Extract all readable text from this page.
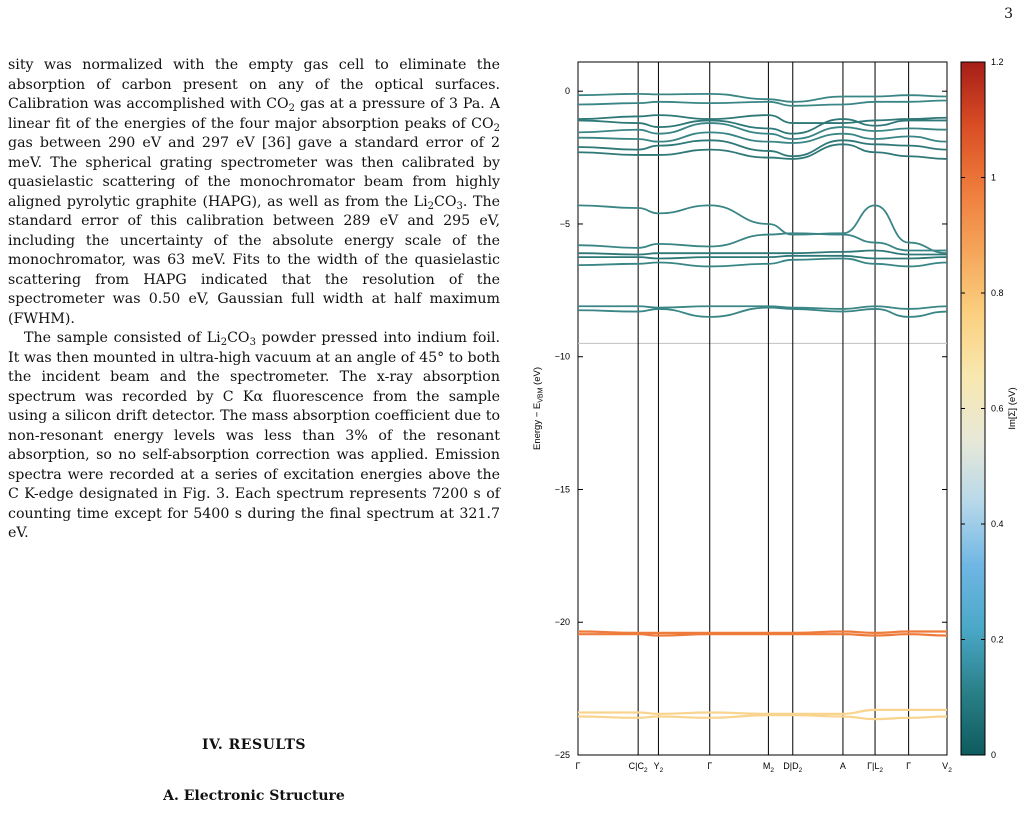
3

sity was normalized with the empty gas cell to eliminate the absorption of carbon present on any of the optical surfaces. Calibration was accomplished with $CO_2$ gas at a pressure of 3 Pa. A linear fit of the energies of the four major absorption peaks of $CO_2$ gas between 290 eV and 297 eV [36] gave a standard error of 2 meV. The spherical grating spectrometer was then calibrated by quasielastic scattering of the monochromator beam from highly aligned pyrolytic graphite (HAPG), as well as from the $Li_2CO_3$. The standard error of this calibration between 289 eV and 295 eV, including the uncertainty of the absolute energy scale of the monochromator, was 63 meV. Fits to the width of the quasielastic scattering from HAPG indicated that the resolution of the spectrometer was 0.50 eV, Gaussian full width at half maximum (FWHM).

The sample consisted of $Li_2CO_3$ powder pressed into indium foil. It was then mounted in ultra-high vacuum at an angle of 45° to both the incident beam and the spectrometer. The x-ray absorption spectrum was recorded by C Kα fluorescence from the sample using a silicon drift detector. The mass absorption coefficient due to non-resonant energy levels was less than 3% of the resonant absorption, so no self-absorption correction was applied. Emission spectra were recorded at a series of excitation energies above the C K-edge designated in Fig. 3. Each spectrum represents 7200 s of counting time except for 5400 s during the final spectrum at 321.7 eV.

IV. RESULTS
A. Electronic Structure
0
−5
−10
−15
−20
−25
Γ	$C|C_2$ $Y_2$	Γ	$M_2$ $D|D_2$	A $\Gamma|L_2$	Γ	$V_2$
Energy − $E_{VBM}$ (eV)
0
0.2
0.4
0.6
0.8
1
1.2
Im[Σ] (eV)
